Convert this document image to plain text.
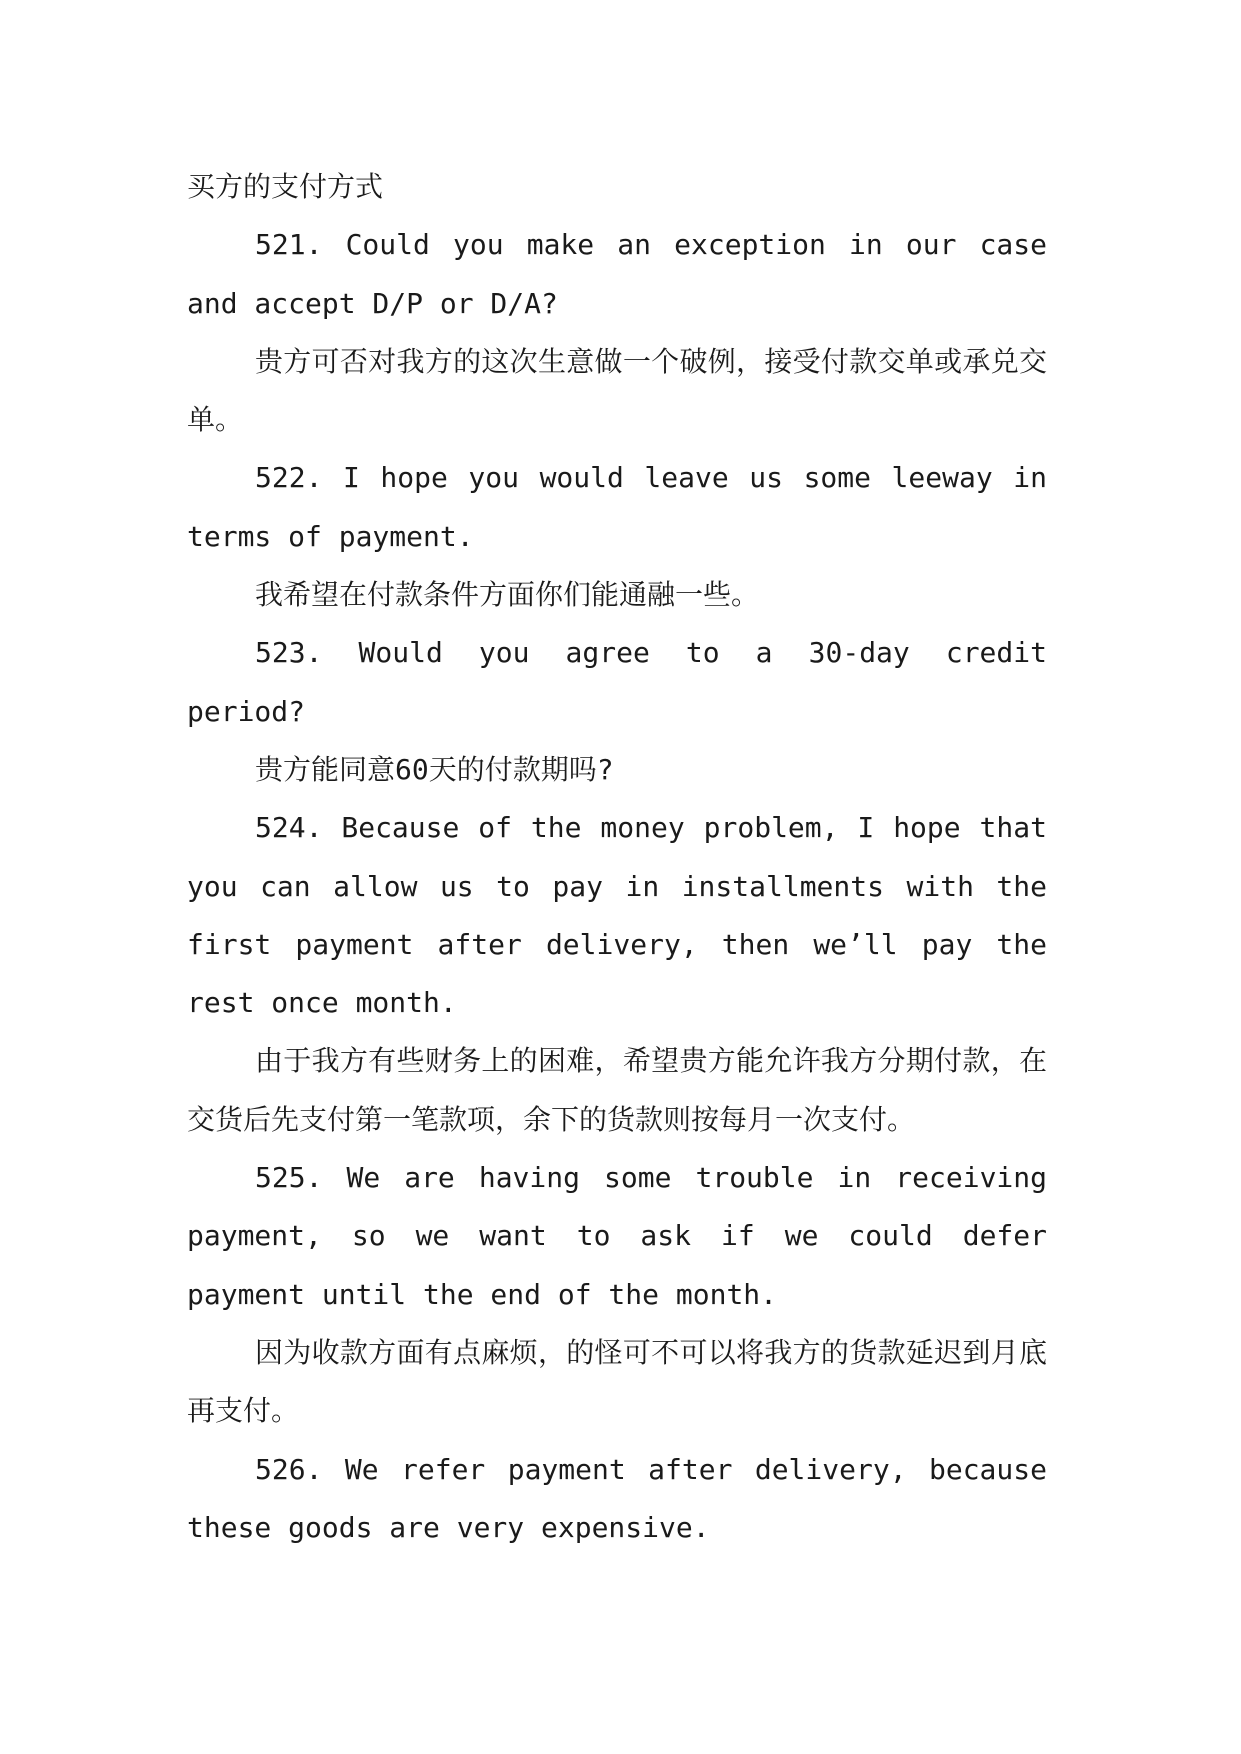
买方的支付方式

521. Could you make an exception in our case and accept D/P or D/A?

贵方可否对我方的这次生意做一个破例，接受付款交单或承兑交单。

522. I hope you would leave us some leeway in terms of payment.

我希望在付款条件方面你们能通融一些。

523. Would you agree to a 30-day credit period?

贵方能同意60天的付款期吗?

524. Because of the money problem, I hope that you can allow us to pay in installments with the first payment after delivery, then we’ll pay the rest once month.

由于我方有些财务上的困难，希望贵方能允许我方分期付款，在交货后先支付第一笔款项，余下的货款则按每月一次支付。

525. We are having some trouble in receiving payment, so we want to ask if we could defer payment until the end of the month.

因为收款方面有点麻烦，的怪可不可以将我方的货款延迟到月底再支付。

526. We refer payment after delivery, because these goods are very expensive.
